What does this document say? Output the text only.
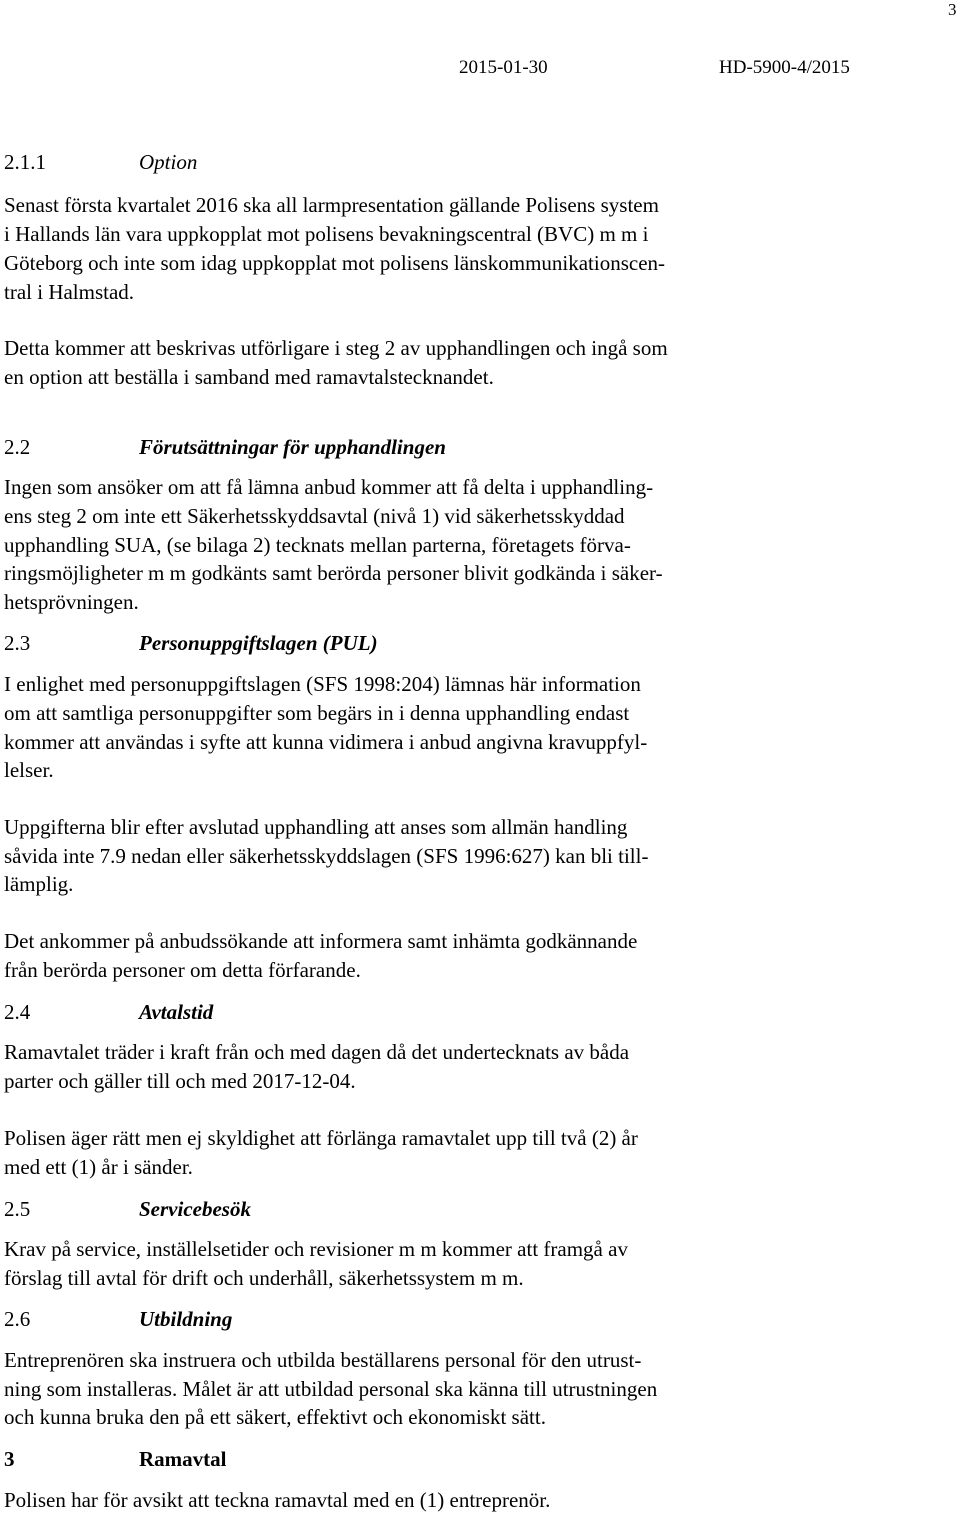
3
2015-01-30	HD-5900-4/2015
2.1.1	Option
Senast första kvartalet 2016 ska all larmpresentation gällande Polisens system
i Hallands län vara uppkopplat mot polisens bevakningscentral (BVC) m m i
Göteborg och inte som idag uppkopplat mot polisens länskommunikationscen-
tral i Halmstad.
Detta kommer att beskrivas utförligare i steg 2 av upphandlingen och ingå som
en option att beställa i samband med ramavtalstecknandet.
2.2	Förutsättningar för upphandlingen
Ingen som ansöker om att få lämna anbud kommer att få delta i upphandling-
ens steg 2 om inte ett Säkerhetsskyddsavtal (nivå 1) vid säkerhetsskyddad
upphandling SUA, (se bilaga 2) tecknats mellan parterna, företagets förva-
ringsmöjligheter m m godkänts samt berörda personer blivit godkända i säker-
hetsprövningen.
2.3	Personuppgiftslagen (PUL)
I enlighet med personuppgiftslagen (SFS 1998:204) lämnas här information
om att samtliga personuppgifter som begärs in i denna upphandling endast
kommer att användas i syfte att kunna vidimera i anbud angivna kravuppfyl-
lelser.
Uppgifterna blir efter avslutad upphandling att anses som allmän handling
såvida inte 7.9 nedan eller säkerhetsskyddslagen (SFS 1996:627) kan bli till-
lämplig.
Det ankommer på anbudssökande att informera samt inhämta godkännande
från berörda personer om detta förfarande.
2.4	Avtalstid
Ramavtalet träder i kraft från och med dagen då det undertecknats av båda
parter och gäller till och med 2017-12-04.
Polisen äger rätt men ej skyldighet att förlänga ramavtalet upp till två (2) år
med ett (1) år i sänder.
2.5	Servicebesök
Krav på service, inställelsetider och revisioner m m kommer att framgå av
förslag till avtal för drift och underhåll, säkerhetssystem m m.
2.6	Utbildning
Entreprenören ska instruera och utbilda beställarens personal för den utrust-
ning som installeras. Målet är att utbildad personal ska känna till utrustningen
och kunna bruka den på ett säkert, effektivt och ekonomiskt sätt.
3	Ramavtal
Polisen har för avsikt att teckna ramavtal med en (1) entreprenör.
